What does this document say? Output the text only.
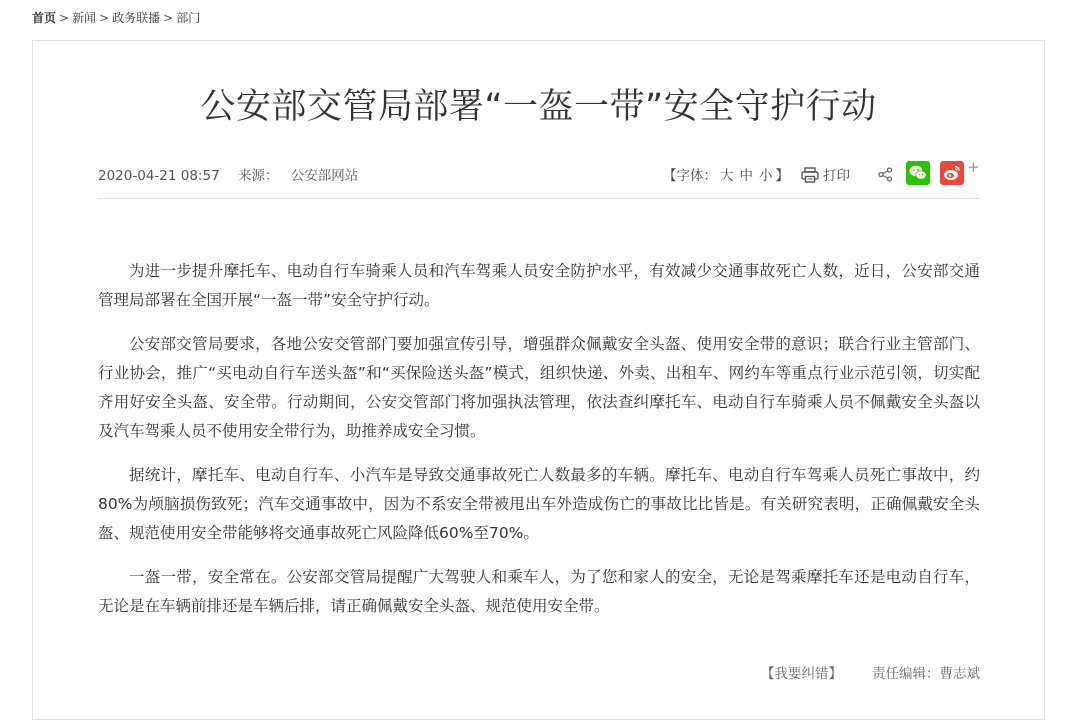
首页 > 新闻 > 政务联播 > 部门
公安部交管局部署“一盔一带”安全守护行动
2020-04-21 08:57 来源： 公安部网站	【字体： 大 中 小 】	打印	+

为进一步提升摩托车、电动自行车骑乘人员和汽车驾乘人员安全防护水平，有效减少交通事故死亡人数，近日，公安部交通管理局部署在全国开展“一盔一带”安全守护行动。

公安部交管局要求，各地公安交管部门要加强宣传引导，增强群众佩戴安全头盔、使用安全带的意识；联合行业主管部门、行业协会，推广“买电动自行车送头盔”和“买保险送头盔”模式，组织快递、外卖、出租车、网约车等重点行业示范引领，切实配齐用好安全头盔、安全带。行动期间，公安交管部门将加强执法管理，依法查纠摩托车、电动自行车骑乘人员不佩戴安全头盔以及汽车驾乘人员不使用安全带行为，助推养成安全习惯。

据统计，摩托车、电动自行车、小汽车是导致交通事故死亡人数最多的车辆。摩托车、电动自行车驾乘人员死亡事故中，约80%为颅脑损伤致死；汽车交通事故中，因为不系安全带被甩出车外造成伤亡的事故比比皆是。有关研究表明，正确佩戴安全头盔、规范使用安全带能够将交通事故死亡风险降低60%至70%。

一盔一带，安全常在。公安部交管局提醒广大驾驶人和乘车人，为了您和家人的安全，无论是驾乘摩托车还是电动自行车，无论是在车辆前排还是车辆后排，请正确佩戴安全头盔、规范使用安全带。

【我要纠错】 责任编辑：曹志斌
